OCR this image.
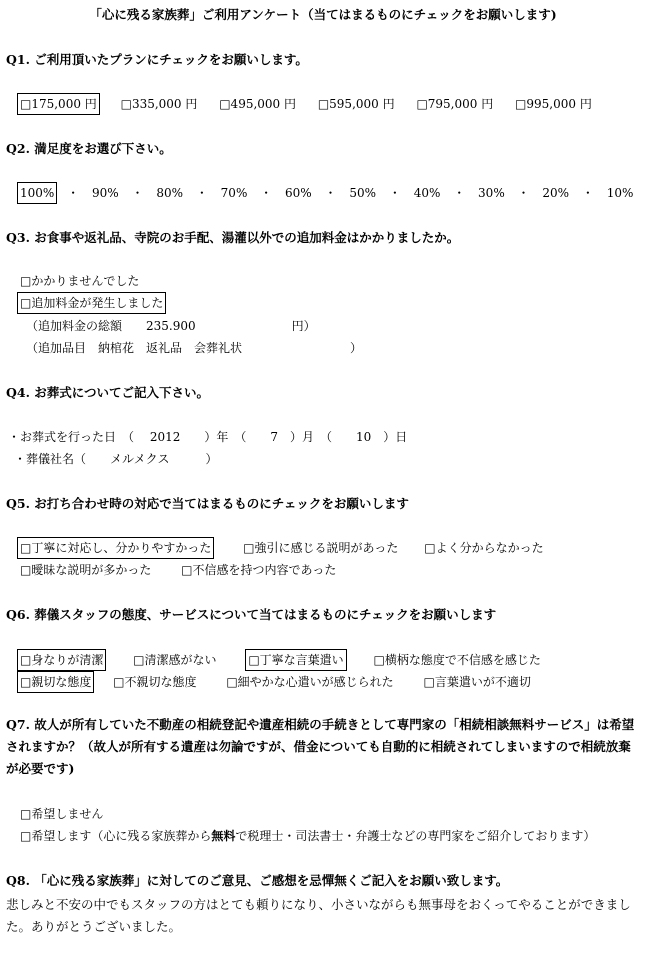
「心に残る家族葬」ご利用アンケート（当てはまるものにチェックをお願いします)
Q1. ご利用頂いたプランにチェックをお願いします。
□175,000 円 □335,000 円 □495,000 円 □595,000 円 □795,000 円 □995,000 円
Q2. 満足度をお選び下さい。
100% ・ 90% ・ 80% ・ 70% ・ 60% ・ 50% ・ 40% ・ 30% ・ 20% ・ 10%
Q3. お食事や返礼品、寺院のお手配、湯灌以外での追加料金はかかりましたか。
□かかりませんでした
□追加料金が発生しました
（追加料金の総額　　235.900　　　　　　　　円）
（追加品目　納棺花　返礼品　会葬礼状　　　　　　　　　）
Q4. お葬式についてご記入下さい。
・お葬式を行った日　（　 2012　　）年　（　　7　）月　（　　10　）日
・葬儀社名（　　メルメクス　　　）
Q5. お打ち合わせ時の対応で当てはまるものにチェックをお願いします
□丁寧に対応し、分かりやすかった	□強引に感じる説明があった □よく分からなかった
□曖昧な説明が多かった □不信感を持つ内容であった
Q6. 葬儀スタッフの態度、サービスについて当てはまるものにチェックをお願いします
□身なりが清潔 □清潔感がない	□丁寧な言葉遣い □横柄な態度で不信感を感じた
□親切な態度 □不親切な態度 □細やかな心遣いが感じられた □言葉遣いが不適切
Q7. 故人が所有していた不動産の相続登記や遺産相続の手続きとして専門家の「相続相談無料サービス」は希望されますか？（故人が所有する遺産は勿論ですが、借金についても自動的に相続されてしまいますので相続放棄が必要です)
□希望しません
□希望します（心に残る家族葬から無料で税理士・司法書士・弁護士などの専門家をご紹介しております）
Q8. 「心に残る家族葬」に対してのご意見、ご感想を忌憚無くご記入をお願い致します。
悲しみと不安の中でもスタッフの方はとても頼りになり、小さいながらも無事母をおくってやることができました。ありがとうございました。
